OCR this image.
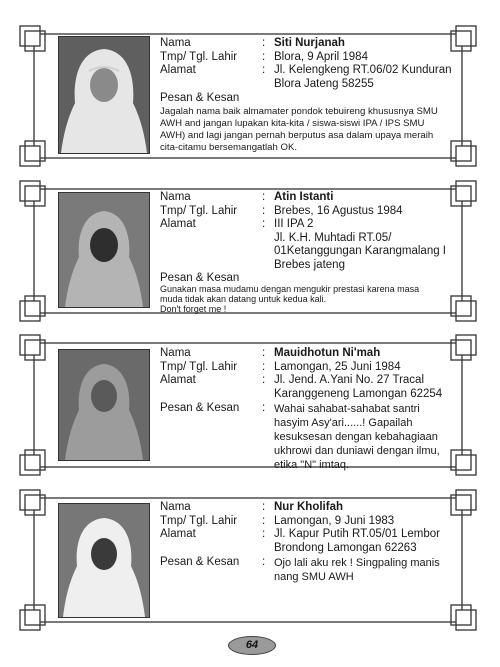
Nama	: Siti Nurjanah
Tmp/ Tgl. Lahir	: Blora, 9 April 1984
Alamat	: Jl. Kelengkeng RT.06/02 Kunduran
Blora Jateng 58255
Pesan & Kesan
Jagalah nama baik almamater pondok tebuireng khususnya SMU
AWH and jangan lupakan kita-kita / siswa-siswi IPA / IPS SMU
AWH) and lagi jangan pernah berputus asa dalam upaya meraih
cita-citamu bersemangatlah OK.
Nama	: Atin Istanti
Tmp/ Tgl. Lahir	: Brebes, 16 Agustus 1984
Alamat	: III IPA 2
Jl. K.H. Muhtadi RT.05/
01Ketanggungan Karangmalang I
Brebes jateng
Pesan & Kesan
Gunakan masa mudamu dengan mengukir prestasi karena masa
muda tidak akan datang untuk kedua kali.
Don't forget me !
Nama	: Mauidhotun Ni'mah
Tmp/ Tgl. Lahir	: Lamongan, 25 Juni 1984
Alamat	: Jl. Jend. A.Yani No. 27 Tracal
Karanggeneng Lamongan 62254
Pesan & Kesan	: Wahai sahabat-sahabat santri
hasyim Asy'ari......! Gapailah
kesuksesan dengan kebahagiaan
ukhrowi dan duniawi dengan ilmu,
etika "N" imtaq.
Nama	: Nur Kholifah
Tmp/ Tgl. Lahir	: Lamongan, 9 Juni 1983
Alamat	: Jl. Kapur Putih RT.05/01 Lembor
Brondong Lamongan 62263
Pesan & Kesan	: Ojo lali aku rek ! Singpaling manis
nang SMU AWH
64
